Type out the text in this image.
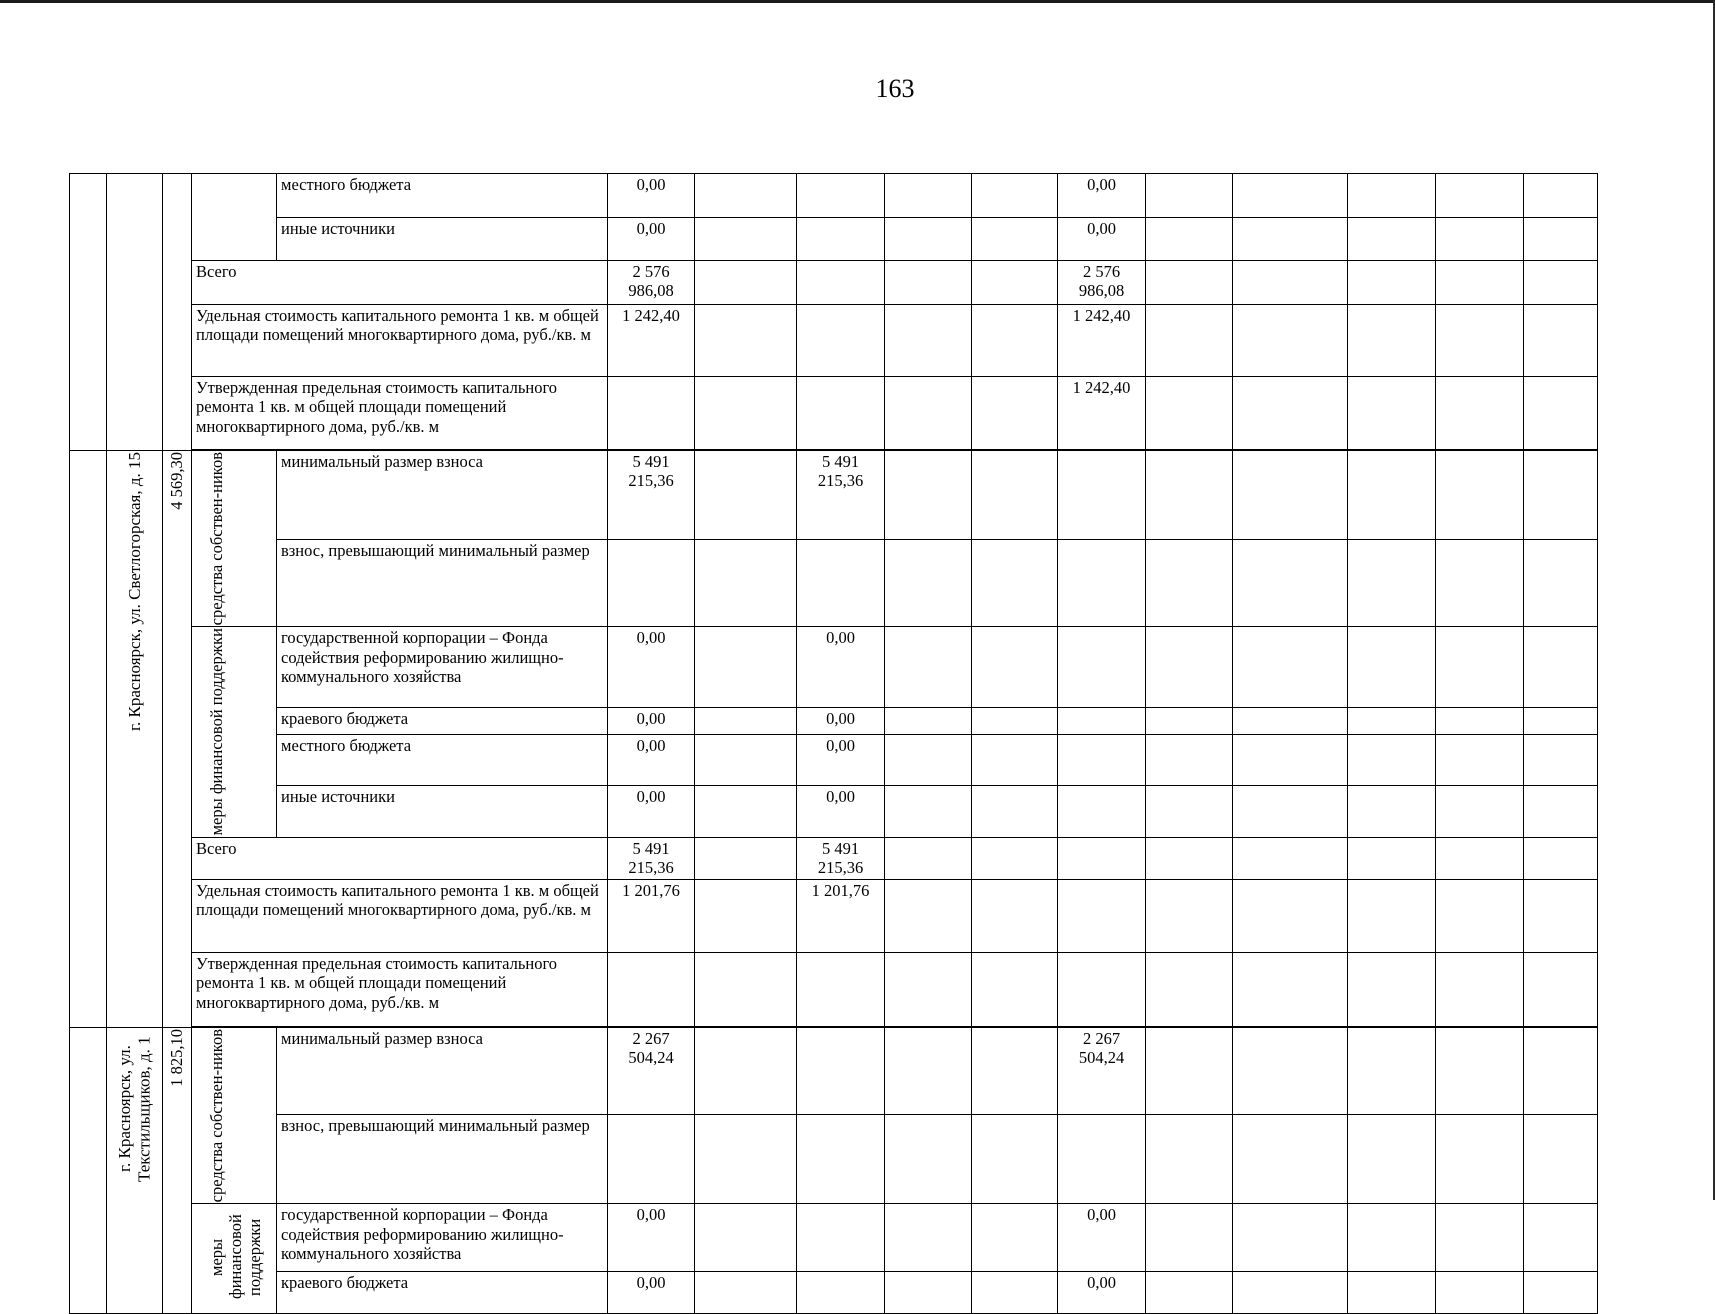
163
				местного бюджета	0,00					0,00					
				иные источники	0,00					0,00					
			Всего		2 576 986,08					2 576 986,08					
			Удельная стоимость капитального ремонта 1 кв. м общей площади помещений многоквартирного дома, руб./кв. м		1 242,40					1 242,40					
			Утвержденная предельная стоимость капитального ремонта 1 кв. м общей площади помещений многоквартирного дома, руб./кв. м							1 242,40					

	г. Красноярск, ул. Светлогорская, д. 15	4 569,30	средства собствен-ников	минимальный размер взноса	5 491 215,36		5 491 215,36								
				взнос, превышающий минимальный размер											

			меры финансовой поддержки	государственной корпорации – Фонда содействия реформированию жилищно-коммунального хозяйства	0,00		0,00								
				краевого бюджета	0,00		0,00								
				местного бюджета	0,00		0,00								
				иные источники	0,00		0,00								
			Всего		5 491 215,36		5 491 215,36								
			Удельная стоимость капитального ремонта 1 кв. м общей площади помещений многоквартирного дома, руб./кв. м		1 201,76		1 201,76								
			Утвержденная предельная стоимость капитального ремонта 1 кв. м общей площади помещений многоквартирного дома, руб./кв. м												

	г. Красноярск, ул. Текстильщиков, д. 1	1 825,10	средства собствен-ников	минимальный размер взноса	2 267 504,24					2 267 504,24					
				взнос, превышающий минимальный размер											

			меры финансовой поддержки	государственной корпорации – Фонда содействия реформированию жилищно-коммунального хозяйства	0,00					0,00					
				краевого бюджета	0,00					0,00					
